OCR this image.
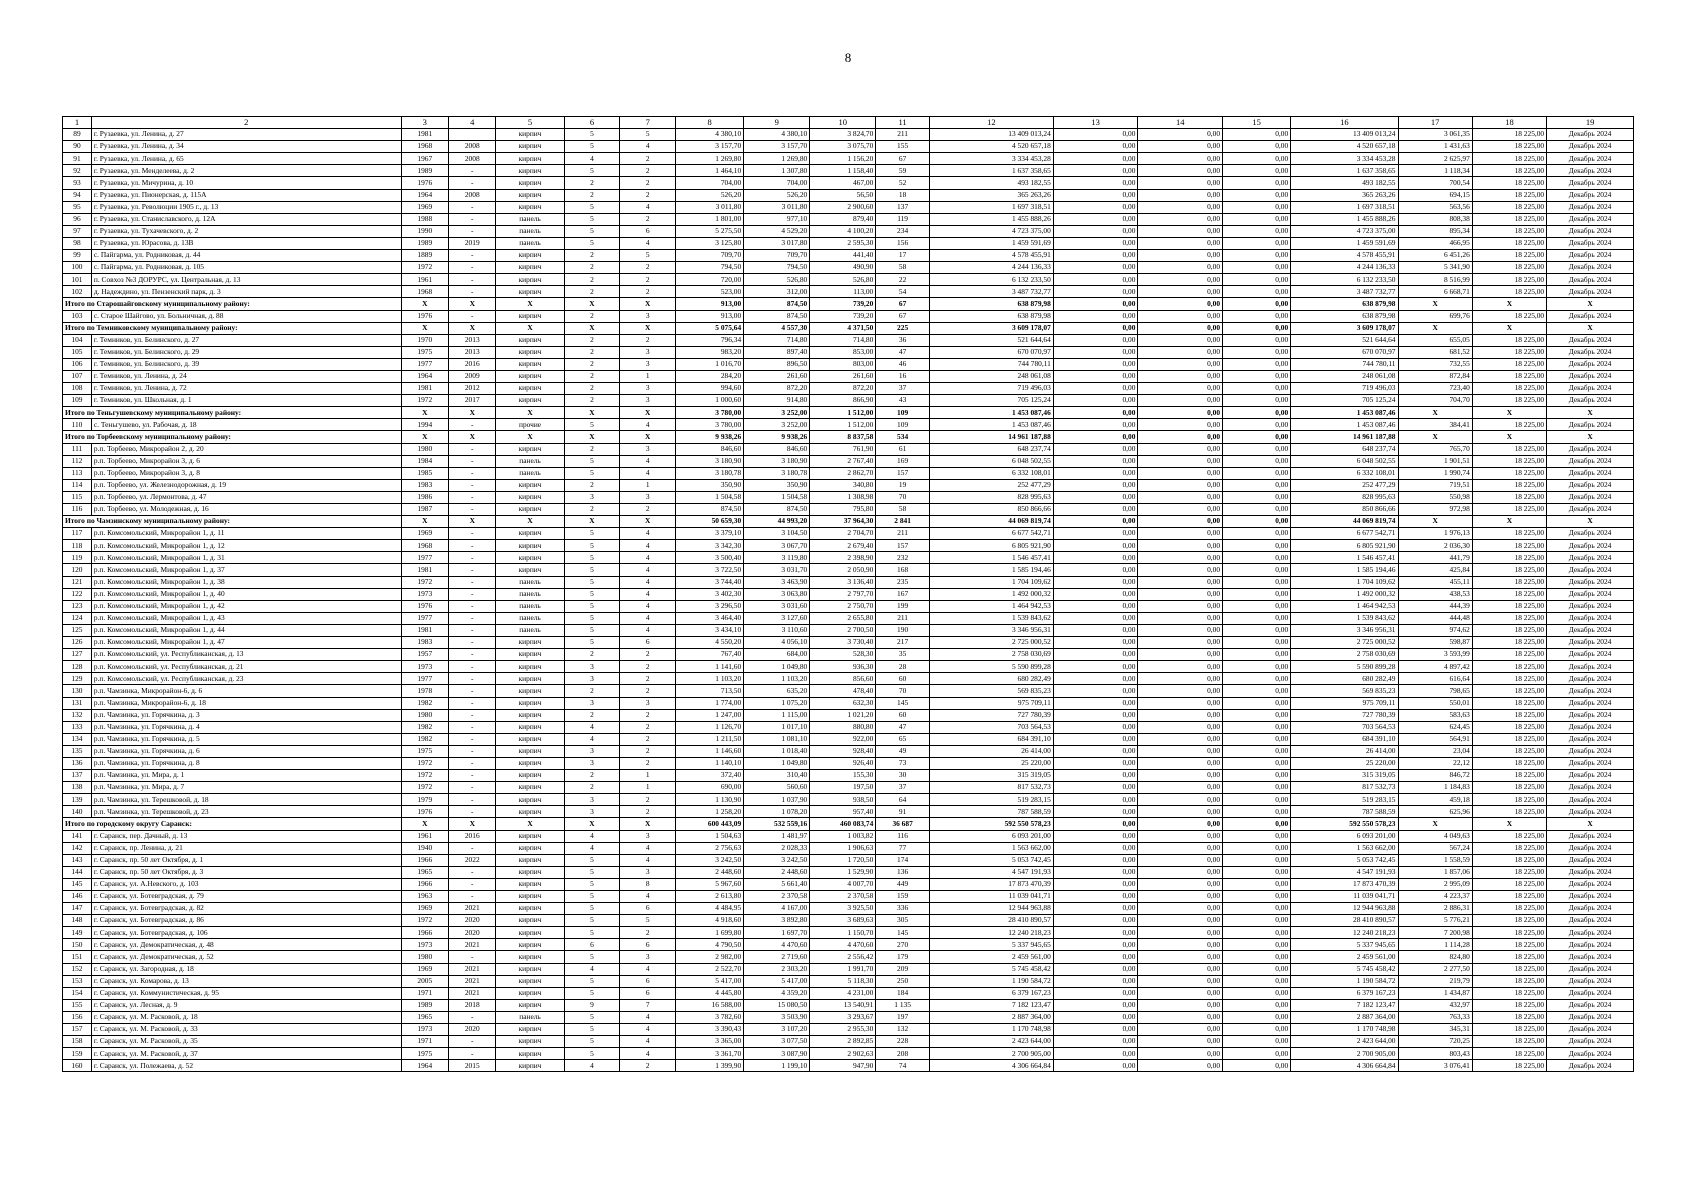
8
1	2	3	4	5	6	7	8	9	10	11	12	13	14	15	16	17	18	19
89	г. Рузаевка, ул. Ленина, д. 27	1981		кирпич	5	5	4 380,10	4 380,10	3 824,70	211	13 409 013,24	0,00	0,00	0,00	13 409 013,24	3 061,35	18 225,00	Декабрь 2024
90	г. Рузаевка, ул. Ленина, д. 34	1968	2008	кирпич	5	4	3 157,70	3 157,70	3 075,70	155	4 520 657,18	0,00	0,00	0,00	4 520 657,18	1 431,63	18 225,00	Декабрь 2024
91	г. Рузаевка, ул. Ленина, д. 65	1967	2008	кирпич	4	2	1 269,80	1 269,80	1 156,20	67	3 334 453,28	0,00	0,00	0,00	3 334 453,28	2 625,97	18 225,00	Декабрь 2024
92	г. Рузаевка, ул. Менделеева, д. 2	1989	-	кирпич	5	2	1 464,10	1 307,80	1 158,40	59	1 637 358,65	0,00	0,00	0,00	1 637 358,65	1 118,34	18 225,00	Декабрь 2024
93	г. Рузаевка, ул. Мичурина, д. 10	1976	-	кирпич	2	2	704,00	704,00	467,00	52	493 182,55	0,00	0,00	0,00	493 182,55	700,54	18 225,00	Декабрь 2024
94	г. Рузаевка, ул. Пионерская, д. 115А	1964	2008	кирпич	2	2	526,20	526,20	56,50	18	365 263,26	0,00	0,00	0,00	365 263,26	694,15	18 225,00	Декабрь 2024
95	г. Рузаевка, ул. Революции 1905 г., д. 13	1969	-	кирпич	5	4	3 011,80	3 011,80	2 900,60	137	1 697 318,51	0,00	0,00	0,00	1 697 318,51	563,56	18 225,00	Декабрь 2024
96	г. Рузаевка, ул. Станиславского, д. 12А	1988	-	панель	5	2	1 801,00	977,10	879,40	119	1 455 888,26	0,00	0,00	0,00	1 455 888,26	808,38	18 225,00	Декабрь 2024
97	г. Рузаевка, ул. Тухачевского, д. 2	1990	-	панель	5	6	5 275,50	4 529,20	4 100,20	234	4 723 375,00	0,00	0,00	0,00	4 723 375,00	895,34	18 225,00	Декабрь 2024
98	г. Рузаевка, ул. Юрасова, д. 13В	1989	2019	панель	5	4	3 125,80	3 017,80	2 595,30	156	1 459 591,69	0,00	0,00	0,00	1 459 591,69	466,95	18 225,00	Декабрь 2024
99	с. Пайгарма, ул. Родниковая, д. 44	1889	-	кирпич	2	5	709,70	709,70	441,40	17	4 578 455,91	0,00	0,00	0,00	4 578 455,91	6 451,26	18 225,00	Декабрь 2024
100	с. Пайгарма, ул. Родниковая, д. 105	1972	-	кирпич	2	2	794,50	794,50	490,90	58	4 244 136,33	0,00	0,00	0,00	4 244 136,33	5 341,90	18 225,00	Декабрь 2024
101	п. Совхоз №3 ДОРУРС, ул. Центральная, д. 13	1961	-	кирпич	2	2	720,00	526,80	526,80	22	6 132 233,50	0,00	0,00	0,00	6 132 233,50	8 516,99	18 225,00	Декабрь 2024
102	д. Надеждино, ул. Пензенский парк, д. 3	1968	-	кирпич	2	2	523,00	312,00	113,00	54	3 487 732,77	0,00	0,00	0,00	3 487 732,77	6 668,71	18 225,00	Декабрь 2024
Итого по Старошайговскому муниципальному району:		X	X	X	X	X	913,00	874,50	739,20	67	638 879,98	0,00	0,00	0,00	638 879,98	X	X	X
103	с. Старое Шайгово, ул. Больничная, д. 88	1976	-	кирпич	2	3	913,00	874,50	739,20	67	638 879,98	0,00	0,00	0,00	638 879,98	699,76	18 225,00	Декабрь 2024
Итого по Темниковскому муниципальному району:		X	X	X	X	X	5 075,64	4 557,30	4 371,50	225	3 609 178,07	0,00	0,00	0,00	3 609 178,07	X	X	X
104	г. Темников, ул. Белинского, д. 27	1970	2013	кирпич	2	2	796,34	714,80	714,80	36	521 644,64	0,00	0,00	0,00	521 644,64	655,05	18 225,00	Декабрь 2024
105	г. Темников, ул. Белинского, д. 29	1975	2013	кирпич	2	3	983,20	897,40	853,00	47	670 070,97	0,00	0,00	0,00	670 070,97	681,52	18 225,00	Декабрь 2024
106	г. Темников, ул. Белинского, д. 39	1977	2016	кирпич	2	3	1 016,70	896,50	803,00	46	744 780,11	0,00	0,00	0,00	744 780,11	732,55	18 225,00	Декабрь 2024
107	г. Темников, ул. Ленина, д. 24	1964	2009	кирпич	2	1	284,20	261,60	261,60	16	248 061,08	0,00	0,00	0,00	248 061,08	872,84	18 225,00	Декабрь 2024
108	г. Темников, ул. Ленина, д. 72	1981	2012	кирпич	2	3	994,60	872,20	872,20	37	719 496,03	0,00	0,00	0,00	719 496,03	723,40	18 225,00	Декабрь 2024
109	г. Темников, ул. Школьная, д. 1	1972	2017	кирпич	2	3	1 000,60	914,80	866,90	43	705 125,24	0,00	0,00	0,00	705 125,24	704,70	18 225,00	Декабрь 2024
Итого по Теньгушевскому муниципальному району:		X	X	X	X	X	3 780,00	3 252,00	1 512,00	109	1 453 087,46	0,00	0,00	0,00	1 453 087,46	X	X	X
110	с. Теньгушево, ул. Рабочая, д. 18	1994	-	прочие	5	4	3 780,00	3 252,00	1 512,00	109	1 453 087,46	0,00	0,00	0,00	1 453 087,46	384,41	18 225,00	Декабрь 2024
Итого по Торбеевскому муниципальному району:		X	X	X	X	X	9 938,26	9 938,26	8 837,58	534	14 961 187,88	0,00	0,00	0,00	14 961 187,88	X	X	X
111	р.п. Торбеево, Микрорайон 2, д. 20	1980	-	кирпич	2	3	846,60	846,60	761,90	61	648 237,74	0,00	0,00	0,00	648 237,74	765,70	18 225,00	Декабрь 2024
112	р.п. Торбеево, Микрорайон 3, д. 6	1984	-	панель	5	4	3 180,90	3 180,90	2 767,40	169	6 048 502,55	0,00	0,00	0,00	6 048 502,55	1 901,51	18 225,00	Декабрь 2024
113	р.п. Торбеево, Микрорайон 3, д. 8	1985	-	панель	5	4	3 180,78	3 180,78	2 862,70	157	6 332 108,01	0,00	0,00	0,00	6 332 108,01	1 990,74	18 225,00	Декабрь 2024
114	р.п. Торбеево, ул. Железнодорожная, д. 19	1983	-	кирпич	2	1	350,90	350,90	340,80	19	252 477,29	0,00	0,00	0,00	252 477,29	719,51	18 225,00	Декабрь 2024
115	р.п. Торбеево, ул. Лермонтова, д. 47	1986	-	кирпич	3	3	1 504,58	1 504,58	1 308,98	70	828 995,63	0,00	0,00	0,00	828 995,63	550,98	18 225,00	Декабрь 2024
116	р.п. Торбеево, ул. Молодежная, д. 16	1987	-	кирпич	2	2	874,50	874,50	795,80	58	850 866,66	0,00	0,00	0,00	850 866,66	972,98	18 225,00	Декабрь 2024
Итого по Чамзинскому муниципальному району:		X	X	X	X	X	50 659,30	44 993,20	37 964,30	2 841	44 069 819,74	0,00	0,00	0,00	44 069 819,74	X	X	X
117	р.п. Комсомольский, Микрорайон 1, д. 11	1969	-	кирпич	5	4	3 379,10	3 104,50	2 704,70	211	6 677 542,71	0,00	0,00	0,00	6 677 542,71	1 976,13	18 225,00	Декабрь 2024
118	р.п. Комсомольский, Микрорайон 1, д. 12	1968	-	кирпич	5	4	3 342,30	3 067,70	2 679,40	157	6 805 921,90	0,00	0,00	0,00	6 805 921,90	2 036,30	18 225,00	Декабрь 2024
119	р.п. Комсомольский, Микрорайон 1, д. 31	1977	-	кирпич	5	4	3 500,40	3 119,80	2 398,90	232	1 546 457,41	0,00	0,00	0,00	1 546 457,41	441,79	18 225,00	Декабрь 2024
120	р.п. Комсомольский, Микрорайон 1, д. 37	1981	-	кирпич	5	4	3 722,50	3 031,70	2 050,90	168	1 585 194,46	0,00	0,00	0,00	1 585 194,46	425,84	18 225,00	Декабрь 2024
121	р.п. Комсомольский, Микрорайон 1, д. 38	1972	-	панель	5	4	3 744,40	3 463,90	3 136,40	235	1 704 109,62	0,00	0,00	0,00	1 704 109,62	455,11	18 225,00	Декабрь 2024
122	р.п. Комсомольский, Микрорайон 1, д. 40	1973	-	панель	5	4	3 402,30	3 063,80	2 797,70	167	1 492 000,32	0,00	0,00	0,00	1 492 000,32	438,53	18 225,00	Декабрь 2024
123	р.п. Комсомольский, Микрорайон 1, д. 42	1976	-	панель	5	4	3 296,50	3 031,60	2 750,70	199	1 464 942,53	0,00	0,00	0,00	1 464 942,53	444,39	18 225,00	Декабрь 2024
124	р.п. Комсомольский, Микрорайон 1, д. 43	1977	-	панель	5	4	3 464,40	3 127,60	2 655,80	211	1 539 843,62	0,00	0,00	0,00	1 539 843,62	444,48	18 225,00	Декабрь 2024
125	р.п. Комсомольский, Микрорайон 1, д. 44	1981	-	панель	5	4	3 434,10	3 110,60	2 700,50	190	3 346 956,31	0,00	0,00	0,00	3 346 956,31	974,62	18 225,00	Декабрь 2024
126	р.п. Комсомольский, Микрорайон 1, д. 47	1983	-	кирпич	5	6	4 550,20	4 056,10	3 730,40	217	2 725 000,52	0,00	0,00	0,00	2 725 000,52	598,87	18 225,00	Декабрь 2024
127	р.п. Комсомольский, ул. Республиканская, д. 13	1957	-	кирпич	2	2	767,40	684,00	528,30	35	2 758 030,69	0,00	0,00	0,00	2 758 030,69	3 593,99	18 225,00	Декабрь 2024
128	р.п. Комсомольский, ул. Республиканская, д. 21	1973	-	кирпич	3	2	1 141,60	1 049,80	936,30	28	5 590 899,28	0,00	0,00	0,00	5 590 899,28	4 897,42	18 225,00	Декабрь 2024
129	р.п. Комсомольский, ул. Республиканская, д. 23	1977	-	кирпич	3	2	1 103,20	1 103,20	856,60	60	680 282,49	0,00	0,00	0,00	680 282,49	616,64	18 225,00	Декабрь 2024
130	р.п. Чамзинка, Микрорайон-6, д. 6	1978	-	кирпич	2	2	713,50	635,20	478,40	70	569 835,23	0,00	0,00	0,00	569 835,23	798,65	18 225,00	Декабрь 2024
131	р.п. Чамзинка, Микрорайон-6, д. 18	1982	-	кирпич	3	3	1 774,00	1 075,20	632,30	145	975 709,11	0,00	0,00	0,00	975 709,11	550,01	18 225,00	Декабрь 2024
132	р.п. Чамзинка, ул. Горячкина, д. 3	1980	-	кирпич	2	2	1 247,00	1 115,00	1 021,20	60	727 780,39	0,00	0,00	0,00	727 780,39	583,63	18 225,00	Декабрь 2024
133	р.п. Чамзинка, ул. Горячкина, д. 4	1982	-	кирпич	4	2	1 126,70	1 017,10	880,80	47	703 564,53	0,00	0,00	0,00	703 564,53	624,45	18 225,00	Декабрь 2024
134	р.п. Чамзинка, ул. Горячкина, д. 5	1982	-	кирпич	4	2	1 211,50	1 081,10	922,00	65	684 391,10	0,00	0,00	0,00	684 391,10	564,91	18 225,00	Декабрь 2024
135	р.п. Чамзинка, ул. Горячкина, д. 6	1975	-	кирпич	3	2	1 146,60	1 018,40	928,40	49	26 414,00	0,00	0,00	0,00	26 414,00	23,04	18 225,00	Декабрь 2024
136	р.п. Чамзинка, ул. Горячкина, д. 8	1972	-	кирпич	3	2	1 140,10	1 049,80	926,40	73	25 220,00	0,00	0,00	0,00	25 220,00	22,12	18 225,00	Декабрь 2024
137	р.п. Чамзинка, ул. Мира, д. 1	1972	-	кирпич	2	1	372,40	310,40	155,30	30	315 319,05	0,00	0,00	0,00	315 319,05	846,72	18 225,00	Декабрь 2024
138	р.п. Чамзинка, ул. Мира, д. 7	1972	-	кирпич	2	1	690,00	560,60	197,50	37	817 532,73	0,00	0,00	0,00	817 532,73	1 184,83	18 225,00	Декабрь 2024
139	р.п. Чамзинка, ул. Терешковой, д. 18	1979	-	кирпич	3	2	1 130,90	1 037,90	938,50	64	519 283,15	0,00	0,00	0,00	519 283,15	459,18	18 225,00	Декабрь 2024
140	р.п. Чамзинка, ул. Терешковой, д. 23	1976	-	кирпич	3	2	1 258,20	1 078,20	957,40	91	787 588,59	0,00	0,00	0,00	787 588,59	625,96	18 225,00	Декабрь 2024
Итого по городскому округу Саранск:		X	X	X	X	X	600 443,09	532 559,16	460 083,74	36 687	592 550 578,23	0,00	0,00	0,00	592 550 578,23	X	X	X
141	г. Саранск, пер. Дачный, д. 13	1961	2016	кирпич	4	3	1 504,63	1 481,97	1 003,82	116	6 093 201,00	0,00	0,00	0,00	6 093 201,00	4 049,63	18 225,00	Декабрь 2024
142	г. Саранск, пр. Ленина, д. 21	1940	-	кирпич	4	4	2 756,63	2 028,33	1 906,63	77	1 563 662,00	0,00	0,00	0,00	1 563 662,00	567,24	18 225,00	Декабрь 2024
143	г. Саранск, пр. 50 лет Октября, д. 1	1966	2022	кирпич	5	4	3 242,50	3 242,50	1 720,50	174	5 053 742,45	0,00	0,00	0,00	5 053 742,45	1 558,59	18 225,00	Декабрь 2024
144	г. Саранск, пр. 50 лет Октября, д. 3	1965	-	кирпич	5	3	2 448,60	2 448,60	1 529,90	136	4 547 191,93	0,00	0,00	0,00	4 547 191,93	1 857,06	18 225,00	Декабрь 2024
145	г. Саранск, ул. А.Невского, д. 103	1966	-	кирпич	5	8	5 967,60	5 661,40	4 007,70	449	17 873 470,39	0,00	0,00	0,00	17 873 470,39	2 995,09	18 225,00	Декабрь 2024
146	г. Саранск, ул. Ботевградская, д. 79	1963	-	кирпич	5	4	2 613,80	2 370,58	2 370,58	159	11 039 041,71	0,00	0,00	0,00	11 039 041,71	4 223,37	18 225,00	Декабрь 2024
147	г. Саранск, ул. Ботевградская, д. 82	1969	2021	кирпич	5	6	4 484,95	4 167,00	3 925,50	336	12 944 963,88	0,00	0,00	0,00	12 944 963,88	2 886,31	18 225,00	Декабрь 2024
148	г. Саранск, ул. Ботевградская, д. 86	1972	2020	кирпич	5	5	4 918,60	3 892,80	3 689,63	305	28 410 890,57	0,00	0,00	0,00	28 410 890,57	5 776,21	18 225,00	Декабрь 2024
149	г. Саранск, ул. Ботевградская, д. 106	1966	2020	кирпич	5	2	1 699,80	1 697,70	1 150,70	145	12 240 218,23	0,00	0,00	0,00	12 240 218,23	7 200,98	18 225,00	Декабрь 2024
150	г. Саранск, ул. Демократическая, д. 48	1973	2021	кирпич	6	6	4 790,50	4 470,60	4 470,60	270	5 337 945,65	0,00	0,00	0,00	5 337 945,65	1 114,28	18 225,00	Декабрь 2024
151	г. Саранск, ул. Демократическая, д. 52	1980	-	кирпич	5	3	2 982,00	2 719,60	2 556,42	179	2 459 561,00	0,00	0,00	0,00	2 459 561,00	824,80	18 225,00	Декабрь 2024
152	г. Саранск, ул. Загородная, д. 18	1969	2021	кирпич	4	4	2 522,70	2 303,20	1 991,70	209	5 745 458,42	0,00	0,00	0,00	5 745 458,42	2 277,50	18 225,00	Декабрь 2024
153	г. Саранск, ул. Комарова, д. 13	2005	2021	кирпич	5	6	5 417,00	5 417,00	5 118,30	250	1 190 584,72	0,00	0,00	0,00	1 190 584,72	219,79	18 225,00	Декабрь 2024
154	г. Саранск, ул. Коммунистическая, д. 95	1971	2021	кирпич	5	6	4 445,80	4 359,20	4 231,00	184	6 379 167,23	0,00	0,00	0,00	6 379 167,23	1 434,87	18 225,00	Декабрь 2024
155	г. Саранск, ул. Лесная, д. 9	1989	2018	кирпич	9	7	16 588,00	15 080,50	13 540,91	1 135	7 182 123,47	0,00	0,00	0,00	7 182 123,47	432,97	18 225,00	Декабрь 2024
156	г. Саранск, ул. М. Расковой, д. 18	1965	-	панель	5	4	3 782,60	3 503,90	3 293,67	197	2 887 364,00	0,00	0,00	0,00	2 887 364,00	763,33	18 225,00	Декабрь 2024
157	г. Саранск, ул. М. Расковой, д. 33	1973	2020	кирпич	5	4	3 390,43	3 107,20	2 955,30	132	1 170 748,98	0,00	0,00	0,00	1 170 748,98	345,31	18 225,00	Декабрь 2024
158	г. Саранск, ул. М. Расковой, д. 35	1971	-	кирпич	5	4	3 365,00	3 077,50	2 892,85	228	2 423 644,00	0,00	0,00	0,00	2 423 644,00	720,25	18 225,00	Декабрь 2024
159	г. Саранск, ул. М. Расковой, д. 37	1975	-	кирпич	5	4	3 361,70	3 087,90	2 902,63	208	2 700 905,00	0,00	0,00	0,00	2 700 905,00	803,43	18 225,00	Декабрь 2024
160	г. Саранск, ул. Полежаева, д. 52	1964	2015	кирпич	4	2	1 399,90	1 199,10	947,90	74	4 306 664,84	0,00	0,00	0,00	4 306 664,84	3 076,41	18 225,00	Декабрь 2024
